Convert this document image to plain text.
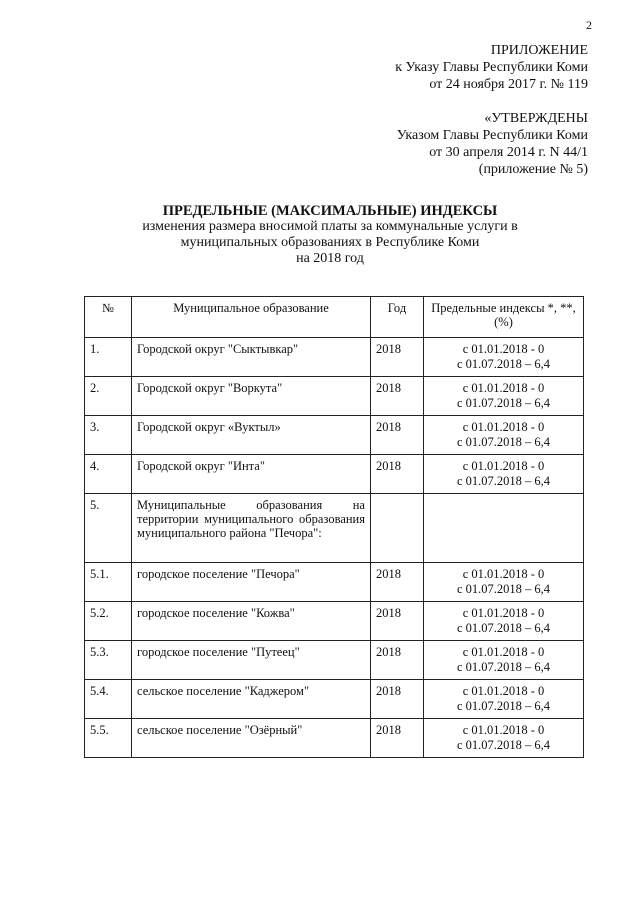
2
ПРИЛОЖЕНИЕ
к Указу Главы Республики Коми
от 24 ноября 2017 г. № 119
«УТВЕРЖДЕНЫ
Указом Главы Республики Коми
от 30 апреля 2014 г. N 44/1
(приложение № 5)
ПРЕДЕЛЬНЫЕ (МАКСИМАЛЬНЫЕ) ИНДЕКСЫ
изменения размера вносимой платы за коммунальные услуги в
муниципальных образованиях в Республике Коми
на 2018 год
№	Муниципальное образование	Год	Предельные индексы *, **, (%)
1.	Городской округ "Сыктывкар"	2018	с 01.01.2018 - 0
с 01.07.2018 – 6,4

2.	Городской округ "Воркута"	2018	с 01.01.2018 - 0
с 01.07.2018 – 6,4

3.	Городской округ «Вуктыл»	2018	с 01.01.2018 - 0
с 01.07.2018 – 6,4

4.	Городской округ "Инта"	2018	с 01.01.2018 - 0
с 01.07.2018 – 6,4

5.	Муниципальные образования на территории муниципального образования муниципального района "Печора":		

5.1.	городское поселение "Печора"	2018	с 01.01.2018 - 0
с 01.07.2018 – 6,4

5.2.	городское поселение "Кожва"	2018	с 01.01.2018 - 0
с 01.07.2018 – 6,4

5.3.	городское поселение "Путеец"	2018	с 01.01.2018 - 0
с 01.07.2018 – 6,4

5.4.	сельское поселение "Каджером"	2018	с 01.01.2018 - 0
с 01.07.2018 – 6,4

5.5.	сельское поселение "Озёрный"	2018	с 01.01.2018 - 0
с 01.07.2018 – 6,4
